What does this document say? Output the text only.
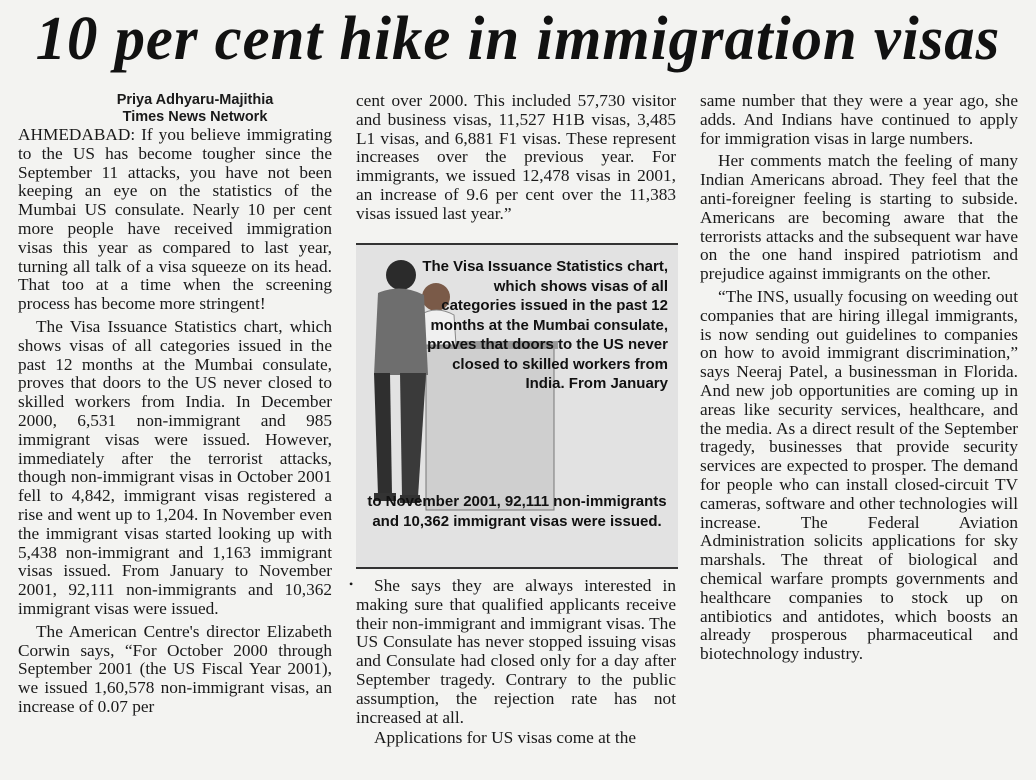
10 per cent hike in immigration visas
Priya Adhyaru-Majithia
Times News Network

AHMEDABAD: If you believe immigrating to the US has become tougher since the September 11 attacks, you have not been keeping an eye on the statistics of the Mumbai US consulate. Nearly 10 per cent more people have received immigration visas this year as compared to last year, turning all talk of a visa squeeze on its head. That too at a time when the screening process has become more stringent!

The Visa Issuance Statistics chart, which shows visas of all categories issued in the past 12 months at the Mumbai consulate, proves that doors to the US never closed to skilled workers from India. In December 2000, 6,531 non-immigrant and 985 immigrant visas were issued. However, immediately after the terrorist attacks, though non-immigrant visas in October 2001 fell to 4,842, immigrant visas registered a rise and went up to 1,204. In November even the immigrant visas started looking up with 5,438 non-immigrant and 1,163 immigrant visas issued. From January to November 2001, 92,111 non-immigrants and 10,362 immigrant visas were issued.

The American Centre's director Elizabeth Corwin says, “For October 2000 through September 2001 (the US Fiscal Year 2001), we issued 1,60,578 non-immigrant visas, an increase of 0.07 per

cent over 2000. This included 57,730 visitor and business visas, 11,527 H1B visas, 3,485 L1 visas, and 6,881 F1 visas. These represent increases over the previous year. For immigrants, we issued 12,478 visas in 2001, an increase of 9.6 per cent over the 11,383 visas issued last year.”

The Visa Issuance Statistics chart, which shows visas of all categories issued in the past 12 months at the Mumbai consulate, proves that doors to the US never closed to skilled workers from India. From January
to November 2001, 92,111 non-immigrants and 10,362 immigrant visas were issued.
•	She says they are always interested in making sure that qualified applicants receive their non-immigrant and immigrant visas. The US Consulate has never stopped issuing visas and Consulate had closed only for a day after September tragedy. Contrary to the public assumption, the rejection rate has not increased at all.

Applications for US visas come at the

same number that they were a year ago, she adds. And Indians have continued to apply for immigration visas in large numbers.

Her comments match the feeling of many Indian Americans abroad. They feel that the anti-foreigner feeling is starting to subside. Americans are becoming aware that the terrorists attacks and the subsequent war have on the one hand inspired patriotism and prejudice against immigrants on the other.

“The INS, usually focusing on weeding out companies that are hiring illegal immigrants, is now sending out guidelines to companies on how to avoid immigrant discrimination,” says Neeraj Patel, a businessman in Florida. And new job opportunities are coming up in areas like security services, healthcare, and the media. As a direct result of the September tragedy, businesses that provide security services are expected to prosper. The demand for people who can install closed-circuit TV cameras, software and other technologies will increase. The Federal Aviation Administration solicits applications for sky marshals. The threat of biological and chemical warfare prompts governments and healthcare companies to stock up on antibiotics and antidotes, which boosts an already prosperous pharmaceutical and biotechnology industry.
